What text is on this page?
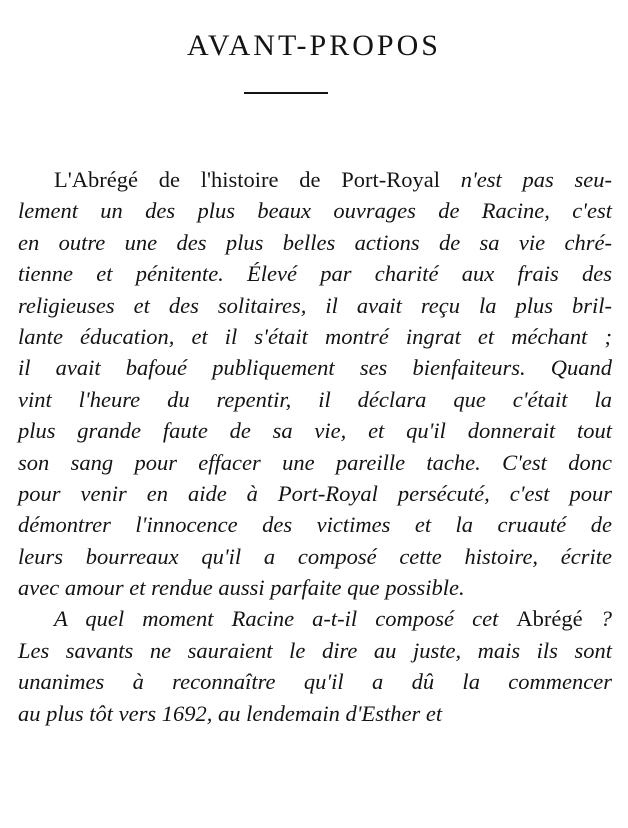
AVANT-PROPOS
L'Abrégé de l'histoire de Port-Royal n'est pas seu-
lement un des plus beaux ouvrages de Racine, c'est
en outre une des plus belles actions de sa vie chré-
tienne et pénitente. Élevé par charité aux frais des
religieuses et des solitaires, il avait reçu la plus bril-
lante éducation, et il s'était montré ingrat et méchant ;
il avait bafoué publiquement ses bienfaiteurs. Quand
vint l'heure du repentir, il déclara que c'était la
plus grande faute de sa vie, et qu'il donnerait tout
son sang pour effacer une pareille tache. C'est donc
pour venir en aide à Port-Royal persécuté, c'est pour
démontrer l'innocence des victimes et la cruauté de
leurs bourreaux qu'il a composé cette histoire, écrite
avec amour et rendue aussi parfaite que possible.
A quel moment Racine a-t-il composé cet Abrégé ?
Les savants ne sauraient le dire au juste, mais ils sont
unanimes à reconnaître qu'il a dû la commencer
au plus tôt vers 1692, au lendemain d'Esther et
